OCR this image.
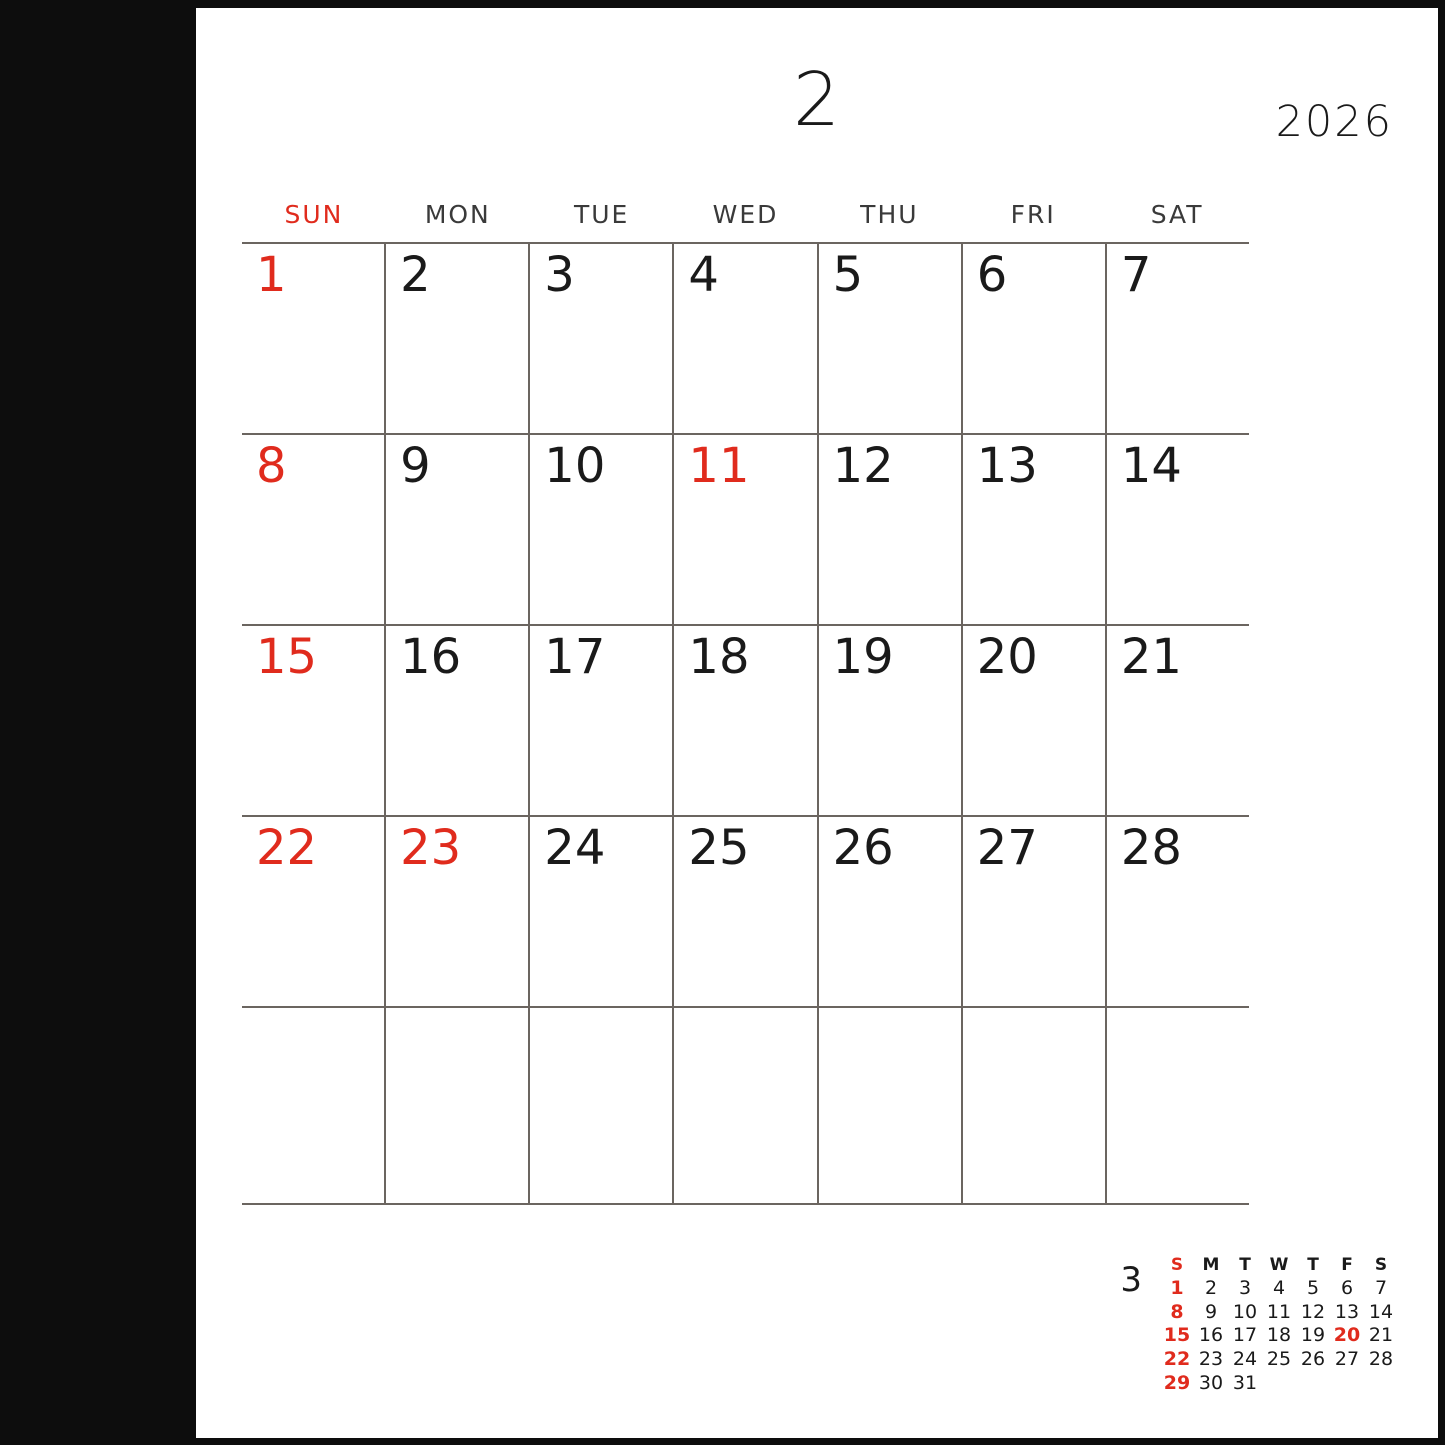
2	2026
SUN	MON	TUE	WED	THU	FRI	SAT
1 2 3 4 5 6 7
8 9 10 11 12 13 14
15 16 17 18 19 20 21
22 23 24 25 26 27 28
3 S	M	T	W	T	F	S
1	2	3	4	5	6	7
8	9	10	11	12	13	14
15	16	17	18	19	20	21
22	23	24	25	26	27	28
29	30	31				
